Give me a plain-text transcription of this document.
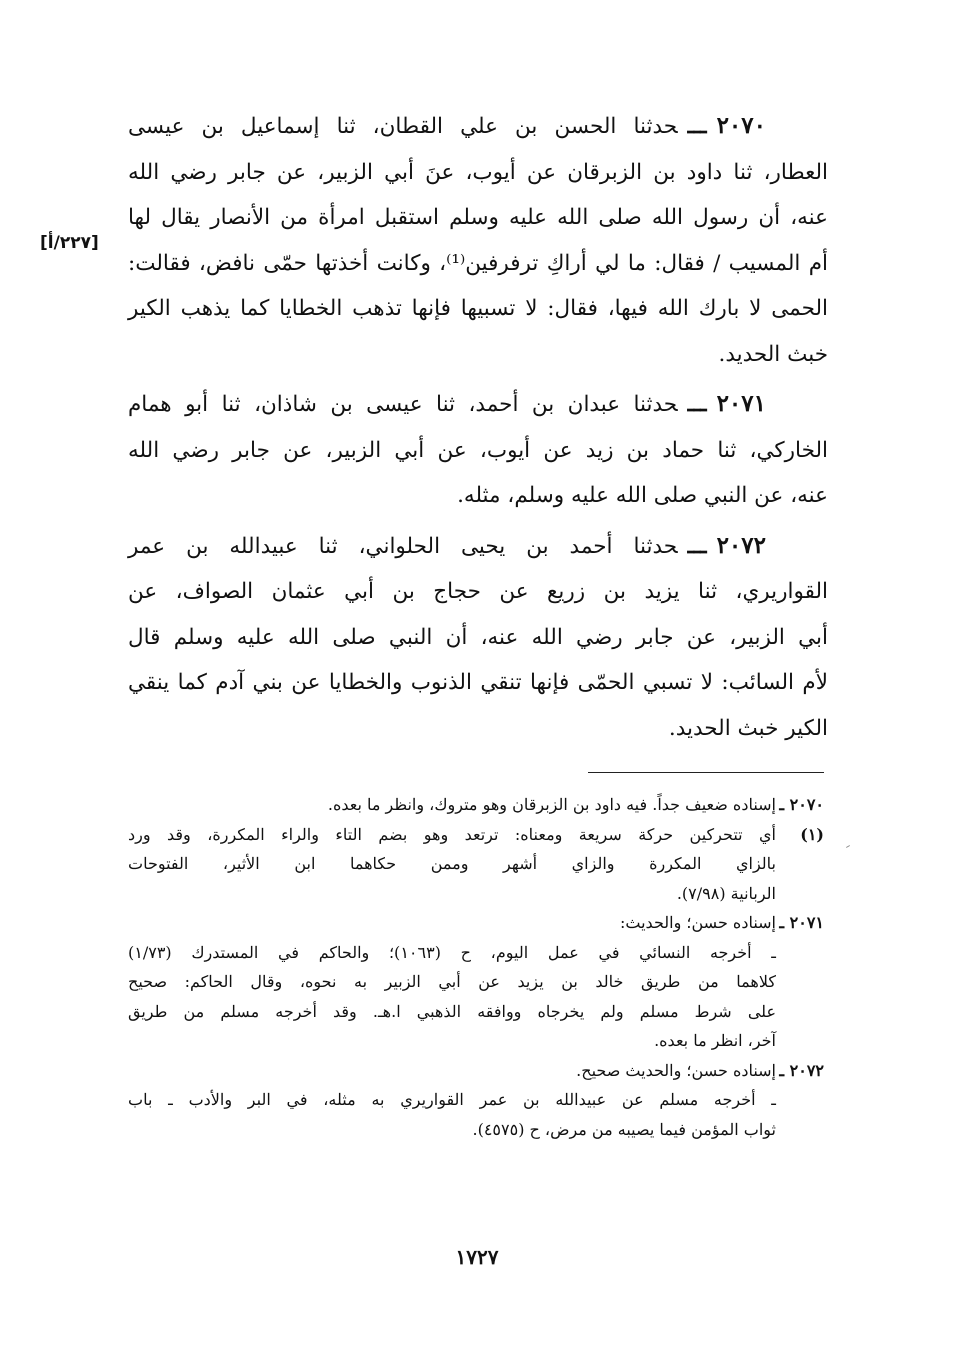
٢٠٧٠ـــحدثنا الحسن بن علي القطان، ثنا إسماعيل بن عيسى
العطار، ثنا داود بن الزبرقان عن أيوب، عنَ أبي الزبير، عن جابر رضي الله
عنه، أن رسول الله صلى الله عليه وسلم استقبل امرأة من الأنصار يقال لها
أم المسيب / فقال: ما لي أراكِ ترفرفين⁽¹⁾، وكانت أخذتها حمّى نافض، فقالت:
الحمى لا بارك الله فيها، فقال: لا تسبيها فإنها تذهب الخطايا كما يذهب الكير
خبث الحديد.
٢٠٧١ـــحدثنا عبدان بن أحمد، ثنا عيسى بن شاذان، ثنا أبو همام
الخاركي، ثنا حماد بن زيد عن أيوب، عن أبي الزبير، عن جابر رضي الله
عنه، عن النبي صلى الله عليه وسلم، مثله.
٢٠٧٢ـــحدثنا أحمد بن يحيى الحلواني، ثنا عبيدالله بن عمر
القواريري، ثنا يزيد بن زريع عن حجاج بن أبي عثمان الصواف، عن
أبي الزبير، عن جابر رضي الله عنه، أن النبي صلى الله عليه وسلم قال
لأم السائب: لا تسبي الحمّى فإنها تنقي الذنوب والخطايا عن بني آدم كما ينقي
الكير خبث الحديد.
[٢٢٧/أ]
٢٠٧٠ ـ
إسناده ضعيف جداً. فيه داود بن الزبرقان وهو متروك، وانظر ما بعده.
(١)
أي تتحركين حركة سريعة ومعناه: ترتعد وهو بضم التاء والراء المكررة، وقد ورد
بالزاي المكررة والزاي أشهر وممن حكاهما ابن الأثير، الفتوحات
الربانية (٧/٩٨).
٢٠٧١ ـ
إسناده حسن؛ والحديث:
ـ أخرجه النسائي في عمل اليوم، ح (١٠٦٣)؛ والحاكم في المستدرك (١/٧٣)
كلاهما من طريق خالد بن يزيد عن أبي الزبير به نحوه، وقال الحاكم: صحيح
على شرط مسلم ولم يخرجاه ووافقه الذهبي ا.هـ. وقد أخرجه مسلم من طريق
آخر، انظر ما بعده.
٢٠٧٢ ـ
إسناده حسن؛ والحديث صحيح.
ـ أخرجه مسلم عن عبيدالله بن عمر القواريري به مثله، في البر والأدب ـ باب
ثواب المؤمن فيما يصيبه من مرض، ح (٤٥٧٥).
١٧٢٧
